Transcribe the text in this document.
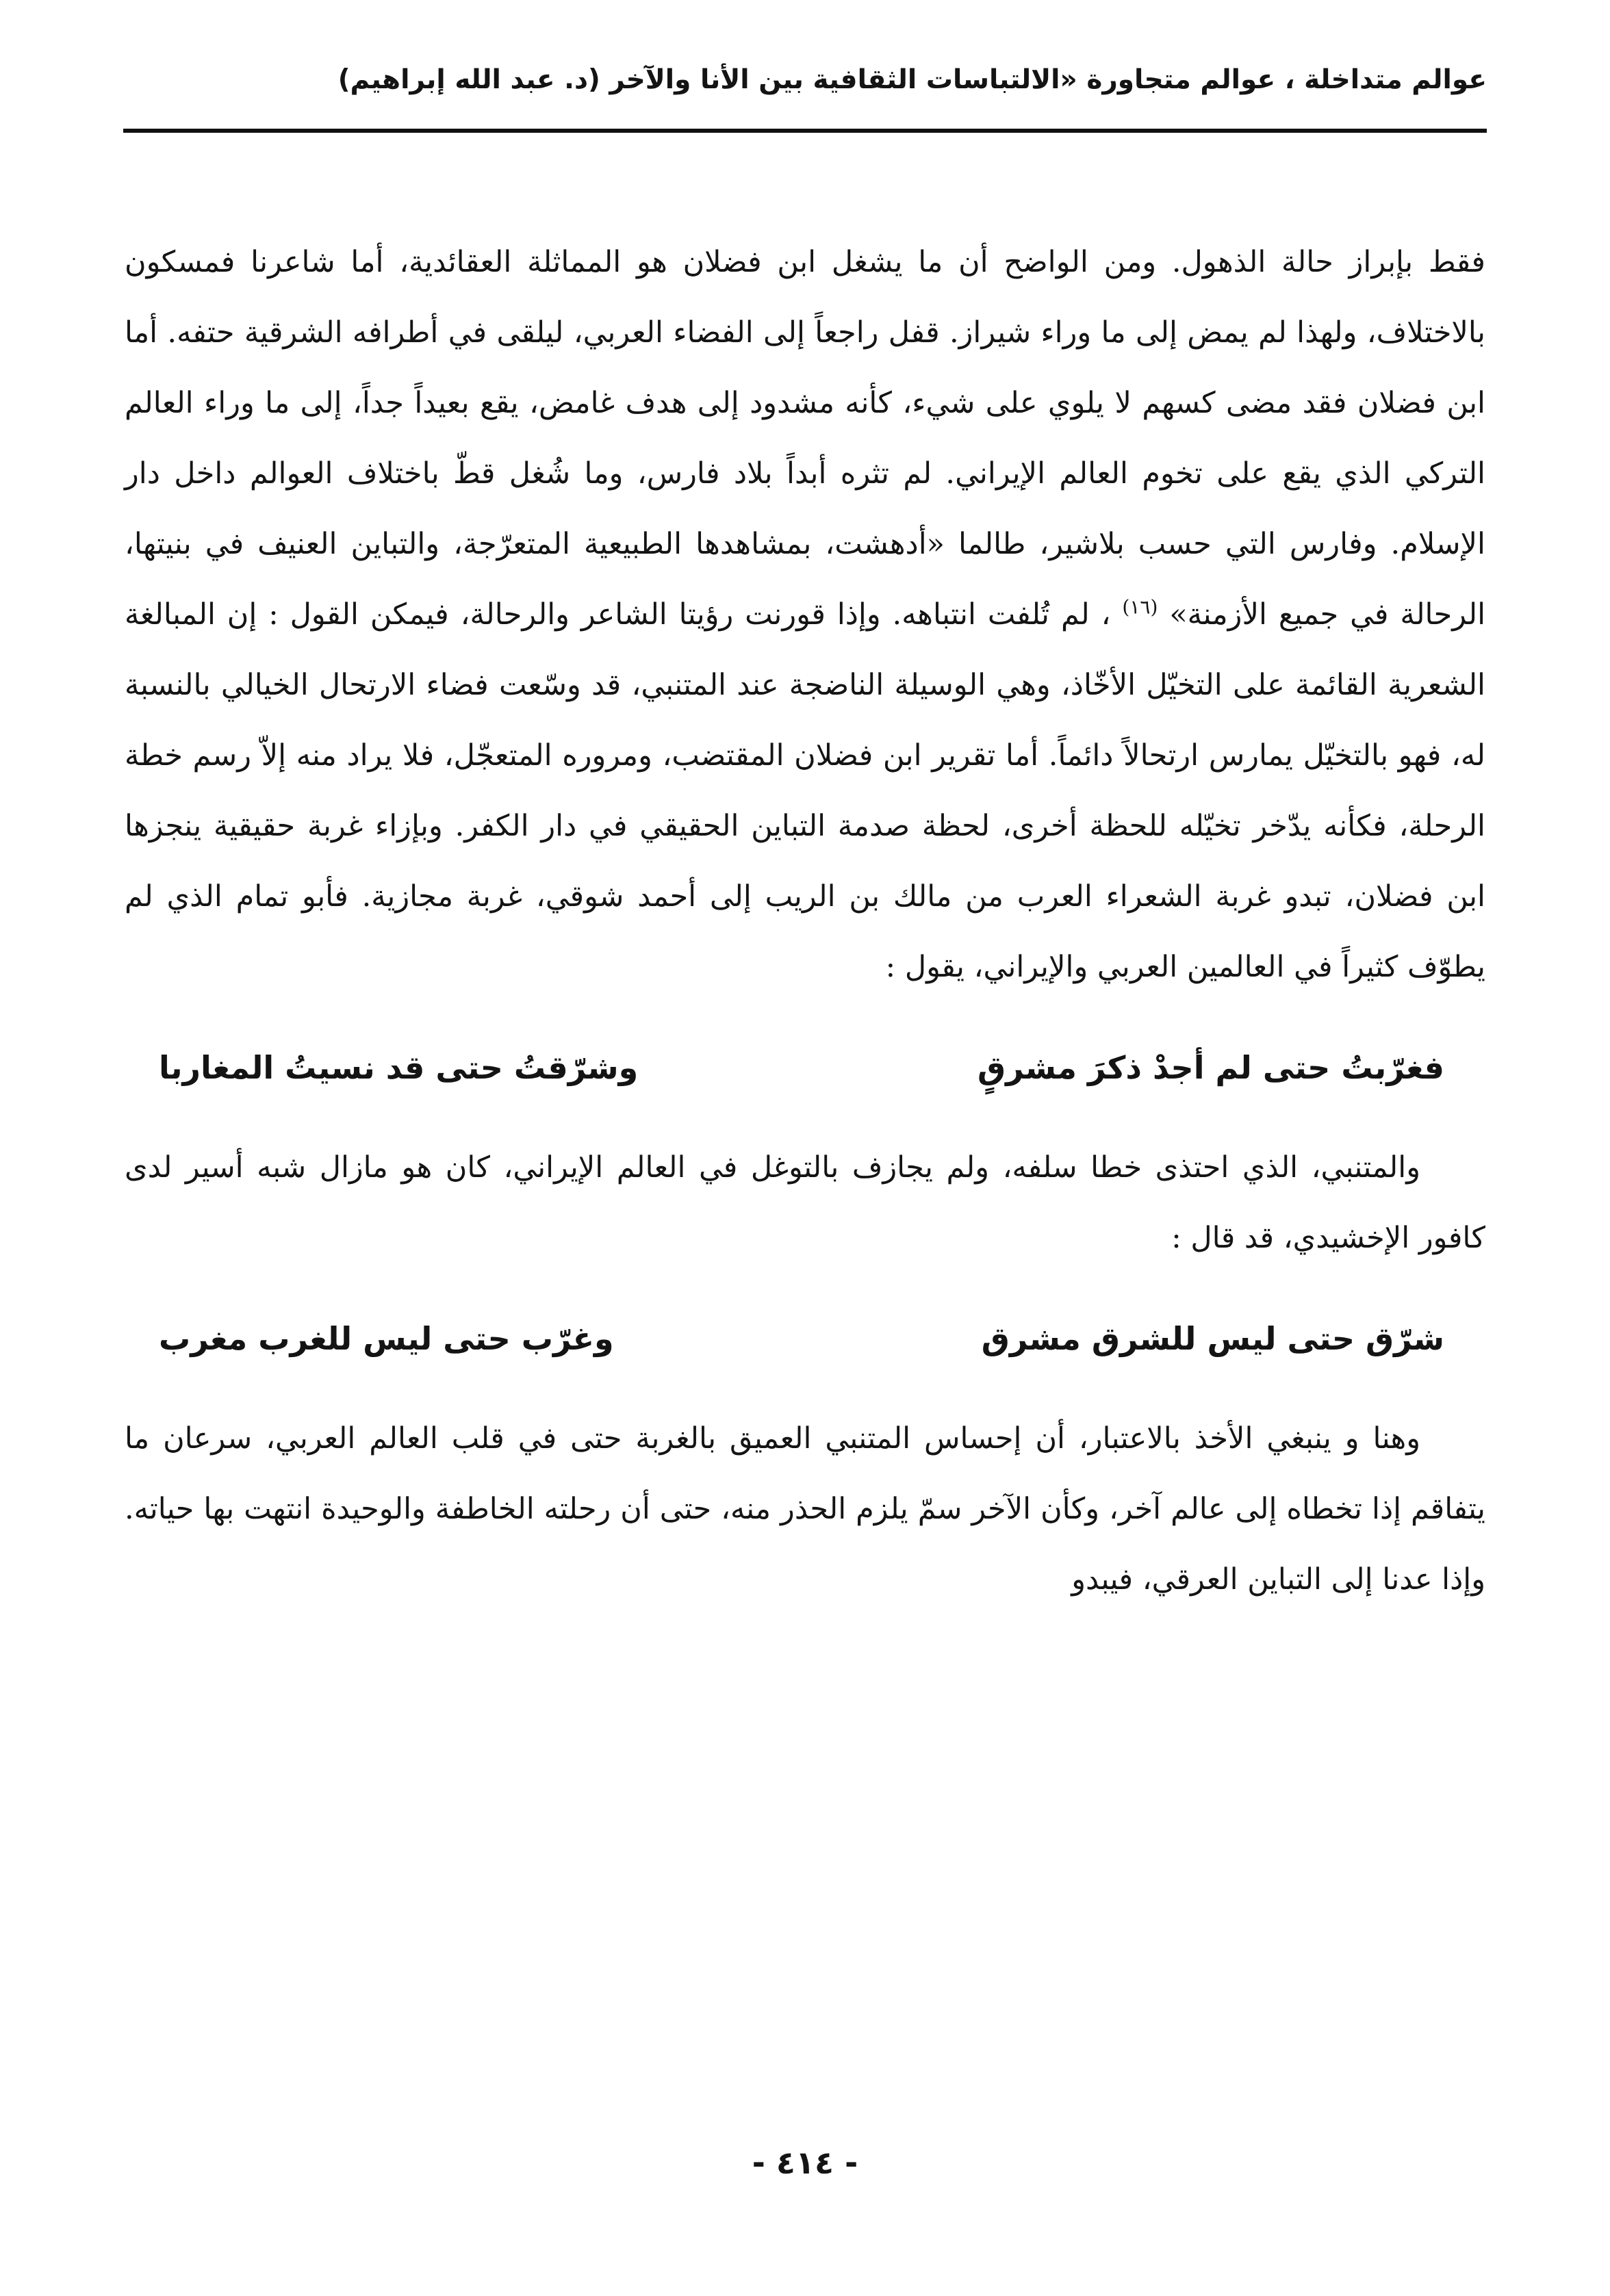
عوالم متداخلة ، عوالم متجاورة «الالتباسات الثقافية بين الأنا والآخر (د. عبد الله إبراهيم)

فقط بإبراز حالة الذهول. ومن الواضح أن ما يشغل ابن فضلان هو المماثلة العقائدية، أما شاعرنا فمسكون بالاختلاف، ولهذا لم يمض إلى ما وراء شيراز. قفل راجعاً إلى الفضاء العربي، ليلقى في أطرافه الشرقية حتفه. أما ابن فضلان فقد مضى كسهم لا يلوي على شيء، كأنه مشدود إلى هدف غامض، يقع بعيداً جداً، إلى ما وراء العالم التركي الذي يقع على تخوم العالم الإيراني. لم تثره أبداً بلاد فارس، وما شُغل قطّ باختلاف العوالم داخل دار الإسلام. وفارس التي حسب بلاشير، طالما «أدهشت، بمشاهدها الطبيعية المتعرّجة، والتباين العنيف في بنيتها، الرحالة في جميع الأزمنة» $^{(١٦)}$ ، لم تُلفت انتباهه. وإذا قورنت رؤيتا الشاعر والرحالة، فيمكن القول : إن المبالغة الشعرية القائمة على التخيّل الأخّاذ، وهي الوسيلة الناضجة عند المتنبي، قد وسّعت فضاء الارتحال الخيالي بالنسبة له، فهو بالتخيّل يمارس ارتحالاً دائماً. أما تقرير ابن فضلان المقتضب، ومروره المتعجّل، فلا يراد منه إلاّ رسم خطة الرحلة، فكأنه يدّخر تخيّله للحظة أخرى، لحظة صدمة التباين الحقيقي في دار الكفر. وبإزاء غربة حقيقية ينجزها ابن فضلان، تبدو غربة الشعراء العرب من مالك بن الريب إلى أحمد شوقي، غربة مجازية. فأبو تمام الذي لم يطوّف كثيراً في العالمين العربي والإيراني، يقول :

فغرّبتُ حتى لم أجدْ ذكرَ مشرقٍ
وشرّقتُ حتى قد نسيتُ المغاربا

والمتنبي، الذي احتذى خطا سلفه، ولم يجازف بالتوغل في العالم الإيراني، كان هو مازال شبه أسير لدى كافور الإخشيدي، قد قال :

شرّق حتى ليس للشرق مشرق
وغرّب حتى ليس للغرب مغرب

وهنا و ينبغي الأخذ بالاعتبار، أن إحساس المتنبي العميق بالغربة حتى في قلب العالم العربي، سرعان ما يتفاقم إذا تخطاه إلى عالم آخر، وكأن الآخر سمّ يلزم الحذر منه، حتى أن رحلته الخاطفة والوحيدة انتهت بها حياته. وإذا عدنا إلى التباين العرقي، فيبدو

- ٤١٤ -
